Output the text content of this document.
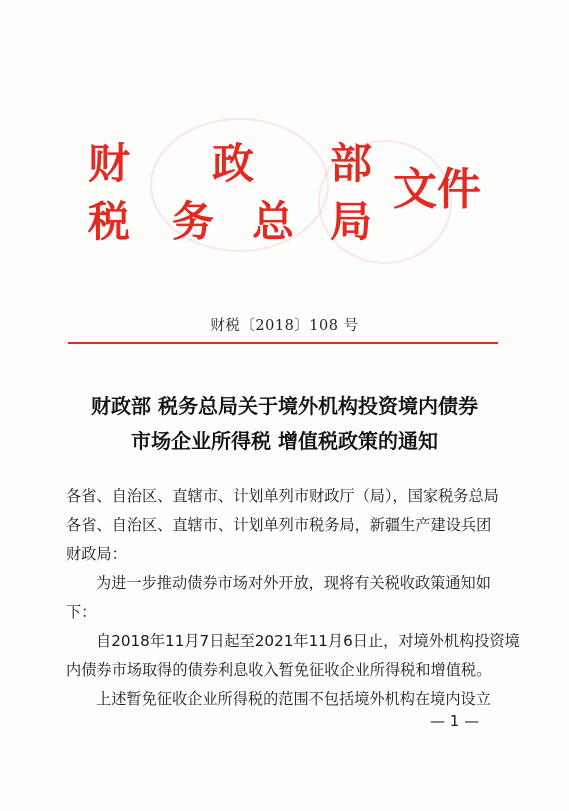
财 政 部
税 务 总 局
文件
财税〔2018〕108 号
财政部 税务总局关于境外机构投资境内债券
市场企业所得税 增值税政策的通知
各省、自治区、直辖市、计划单列市财政厅（局），国家税务总局
各省、自治区、直辖市、计划单列市税务局，新疆生产建设兵团
财政局：
为进一步推动债券市场对外开放，现将有关税收政策通知如
下：
自2018年11月7日起至2021年11月6日止，对境外机构投资境
内债券市场取得的债券利息收入暂免征收企业所得税和增值税。
上述暂免征收企业所得税的范围不包括境外机构在境内设立
— 1 —
